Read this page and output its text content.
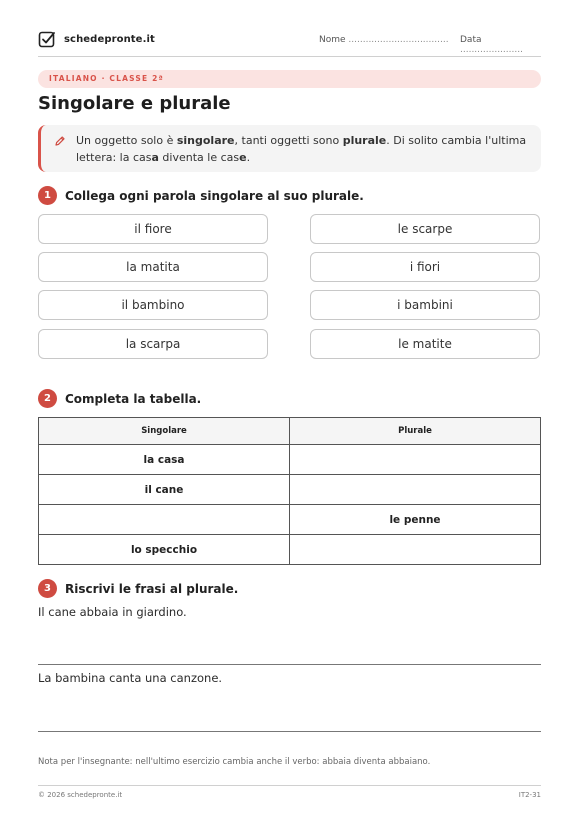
schedepronte.it	Nome ................................... Data ......................
ITALIANO · CLASSE 2ª
Singolare e plurale

Un oggetto solo è singolare, tanti oggetti sono plurale. Di solito cambia l'ultima lettera: la casa diventa le case.

1	Collega ogni parola singolare al suo plurale.
il fiore
la matita
il bambino
la scarpa
le scarpe
i fiori
i bambini
le matite
2	Completa la tabella.
Singolare	Plurale
la casa	
il cane	
	le penne
lo specchio	
3	Riscrivi le frasi al plurale.
Il cane abbaia in giardino.
La bambina canta una canzone.
Nota per l'insegnante: nell'ultimo esercizio cambia anche il verbo: abbaia diventa abbaiano.
© 2026 schedepronte.it	IT2-31
